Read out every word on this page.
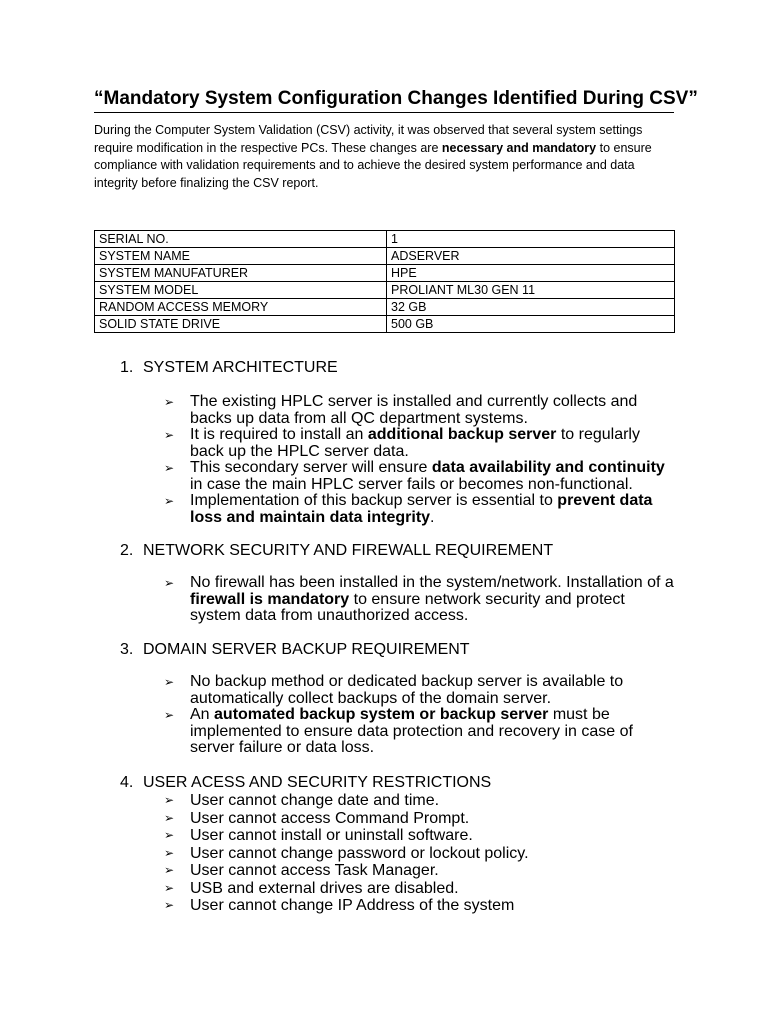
“Mandatory System Configuration Changes Identified During CSV”
During the Computer System Validation (CSV) activity, it was observed that several system settings require modification in the respective PCs. These changes are necessary and mandatory to ensure compliance with validation requirements and to achieve the desired system performance and data integrity before finalizing the CSV report.
SERIAL NO.	1
SYSTEM NAME	ADSERVER
SYSTEM MANUFATURER	HPE
SYSTEM MODEL	PROLIANT ML30 GEN 11
RANDOM ACCESS MEMORY	32 GB
SOLID STATE DRIVE	500 GB
1. SYSTEM ARCHITECTURE
➢ The existing HPLC server is installed and currently collects and backs up data from all QC department systems.
➢ It is required to install an additional backup server to regularly back up the HPLC server data.
➢ This secondary server will ensure data availability and continuity in case the main HPLC server fails or becomes non-functional.
➢ Implementation of this backup server is essential to prevent data loss and maintain data integrity.
2. NETWORK SECURITY AND FIREWALL REQUIREMENT
➢ No firewall has been installed in the system/network. Installation of a firewall is mandatory to ensure network security and protect system data from unauthorized access.
3. DOMAIN SERVER BACKUP REQUIREMENT
➢ No backup method or dedicated backup server is available to automatically collect backups of the domain server.
➢ An automated backup system or backup server must be implemented to ensure data protection and recovery in case of server failure or data loss.
4. USER ACESS AND SECURITY RESTRICTIONS
➢ User cannot change date and time.
➢ User cannot access Command Prompt.
➢ User cannot install or uninstall software.
➢ User cannot change password or lockout policy.
➢ User cannot access Task Manager.
➢ USB and external drives are disabled.
➢ User cannot change IP Address of the system
